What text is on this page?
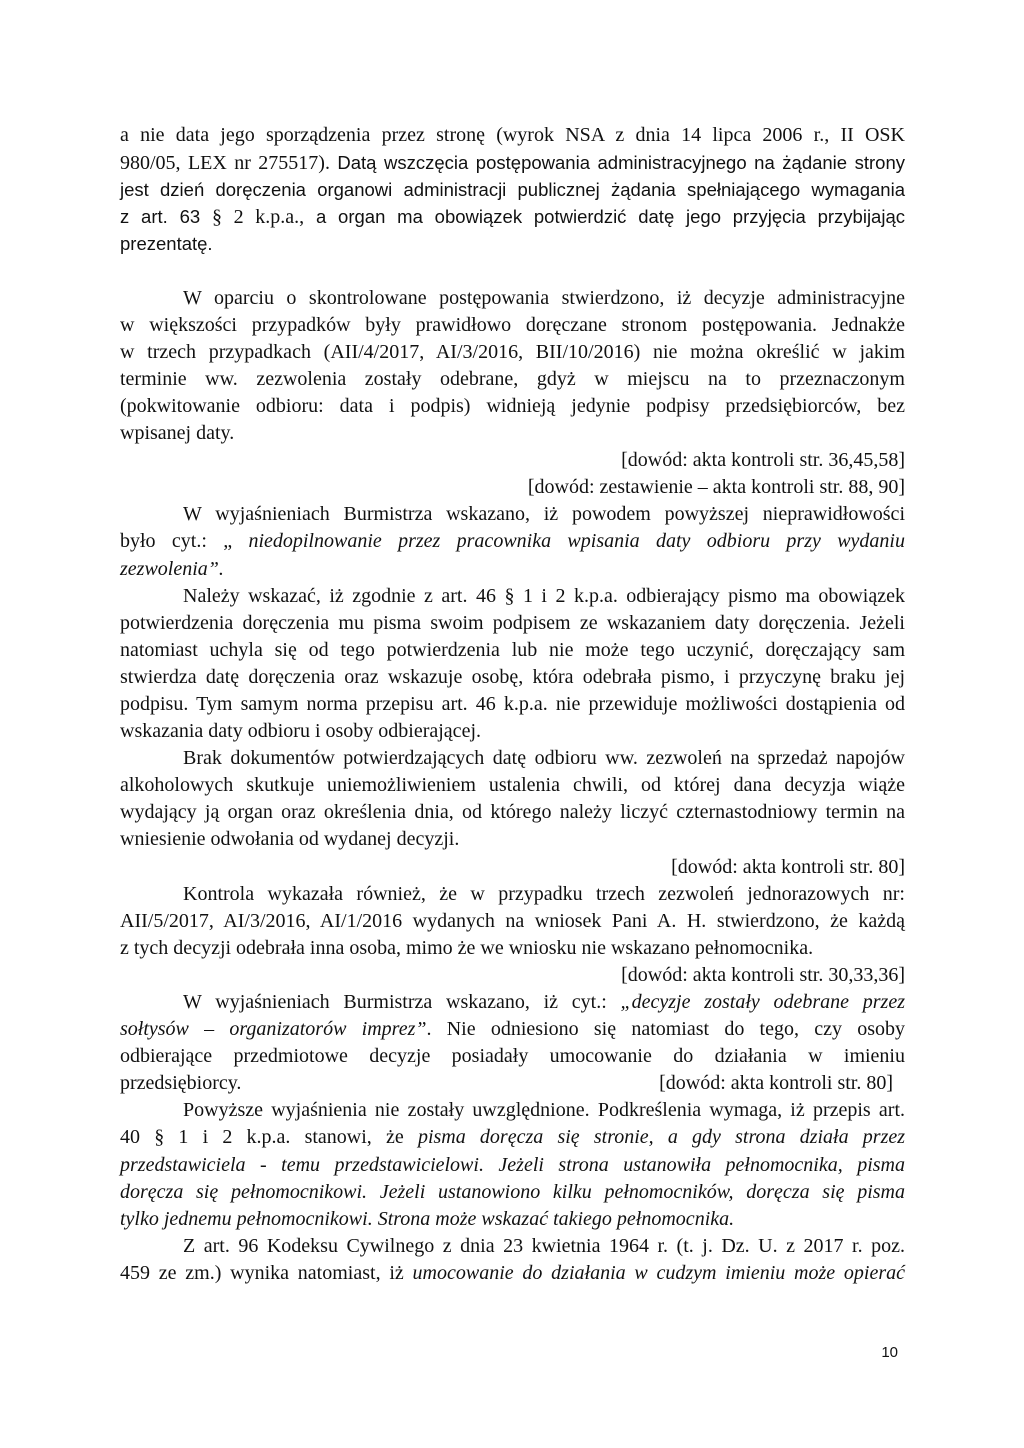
a nie data jego sporządzenia przez stronę (wyrok NSA z dnia 14 lipca 2006 r., II OSK
980/05, LEX nr 275517). Datą wszczęcia postępowania administracyjnego na żądanie strony
jest dzień doręczenia organowi administracji publicznej żądania spełniającego wymagania
z art. 63 § 2 k.p.a., a organ ma obowiązek potwierdzić datę jego przyjęcia przybijając
prezentatę.
W oparciu o skontrolowane postępowania stwierdzono, iż decyzje administracyjne
w większości przypadków były prawidłowo doręczane stronom postępowania. Jednakże
w trzech przypadkach (AII/4/2017, AI/3/2016, BII/10/2016) nie można określić w jakim
terminie ww. zezwolenia zostały odebrane, gdyż w miejscu na to przeznaczonym
(pokwitowanie odbioru: data i podpis) widnieją jedynie podpisy przedsiębiorców, bez
wpisanej daty.
[dowód: akta kontroli str. 36,45,58]
[dowód: zestawienie – akta kontroli str. 88, 90]
W wyjaśnieniach Burmistrza wskazano, iż powodem powyższej nieprawidłowości
było cyt.: „ niedopilnowanie przez pracownika wpisania daty odbioru przy wydaniu
zezwolenia”.
Należy wskazać, iż zgodnie z art. 46 § 1 i 2 k.p.a. odbierający pismo ma obowiązek
potwierdzenia doręczenia mu pisma swoim podpisem ze wskazaniem daty doręczenia. Jeżeli
natomiast uchyla się od tego potwierdzenia lub nie może tego uczynić, doręczający sam
stwierdza datę doręczenia oraz wskazuje osobę, która odebrała pismo, i przyczynę braku jej
podpisu. Tym samym norma przepisu art. 46 k.p.a. nie przewiduje możliwości dostąpienia od
wskazania daty odbioru i osoby odbierającej.
Brak dokumentów potwierdzających datę odbioru ww. zezwoleń na sprzedaż napojów
alkoholowych skutkuje uniemożliwieniem ustalenia chwili, od której dana decyzja wiąże
wydający ją organ oraz określenia dnia, od którego należy liczyć czternastodniowy termin na
wniesienie odwołania od wydanej decyzji.
[dowód: akta kontroli str. 80]
Kontrola wykazała również, że w przypadku trzech zezwoleń jednorazowych nr:
AII/5/2017, AI/3/2016, AI/1/2016 wydanych na wniosek Pani A. H. stwierdzono, że każdą
z tych decyzji odebrała inna osoba, mimo że we wniosku nie wskazano pełnomocnika.
[dowód: akta kontroli str. 30,33,36]
W wyjaśnieniach Burmistrza wskazano, iż cyt.: „decyzje zostały odebrane przez
sołtysów – organizatorów imprez”. Nie odniesiono się natomiast do tego, czy osoby
odbierające przedmiotowe decyzje posiadały umocowanie do działania w imieniu
przedsiębiorcy.	[dowód: akta kontroli str. 80]
Powyższe wyjaśnienia nie zostały uwzględnione. Podkreślenia wymaga, iż przepis art.
40 § 1 i 2 k.p.a. stanowi, że pisma doręcza się stronie, a gdy strona działa przez
przedstawiciela - temu przedstawicielowi. Jeżeli strona ustanowiła pełnomocnika, pisma
doręcza się pełnomocnikowi. Jeżeli ustanowiono kilku pełnomocników, doręcza się pisma
tylko jednemu pełnomocnikowi. Strona może wskazać takiego pełnomocnika.
Z art. 96 Kodeksu Cywilnego z dnia 23 kwietnia 1964 r. (t. j. Dz. U. z 2017 r. poz.
459 ze zm.) wynika natomiast, iż umocowanie do działania w cudzym imieniu może opierać
10
